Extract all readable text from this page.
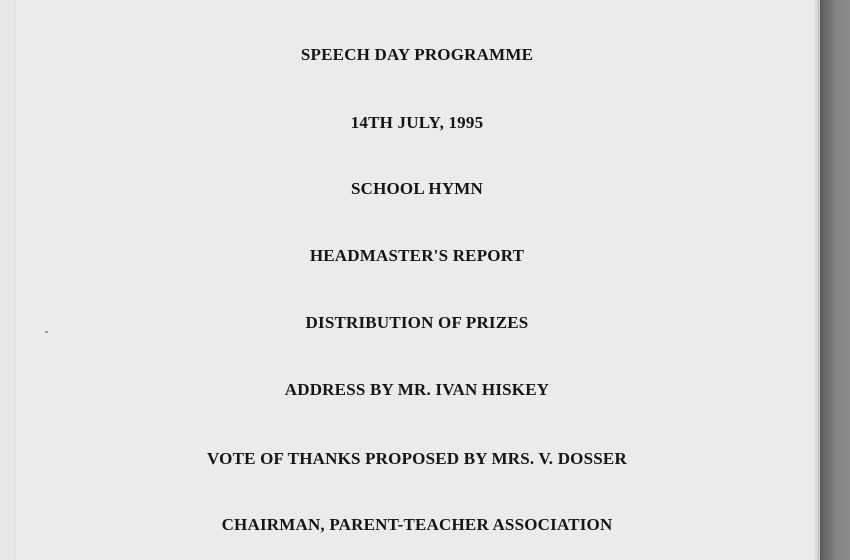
SPEECH DAY PROGRAMME
14TH JULY, 1995
SCHOOL HYMN
HEADMASTER'S REPORT
DISTRIBUTION OF PRIZES
ADDRESS BY MR. IVAN HISKEY
VOTE OF THANKS PROPOSED BY MRS. V. DOSSER
CHAIRMAN, PARENT-TEACHER ASSOCIATION
